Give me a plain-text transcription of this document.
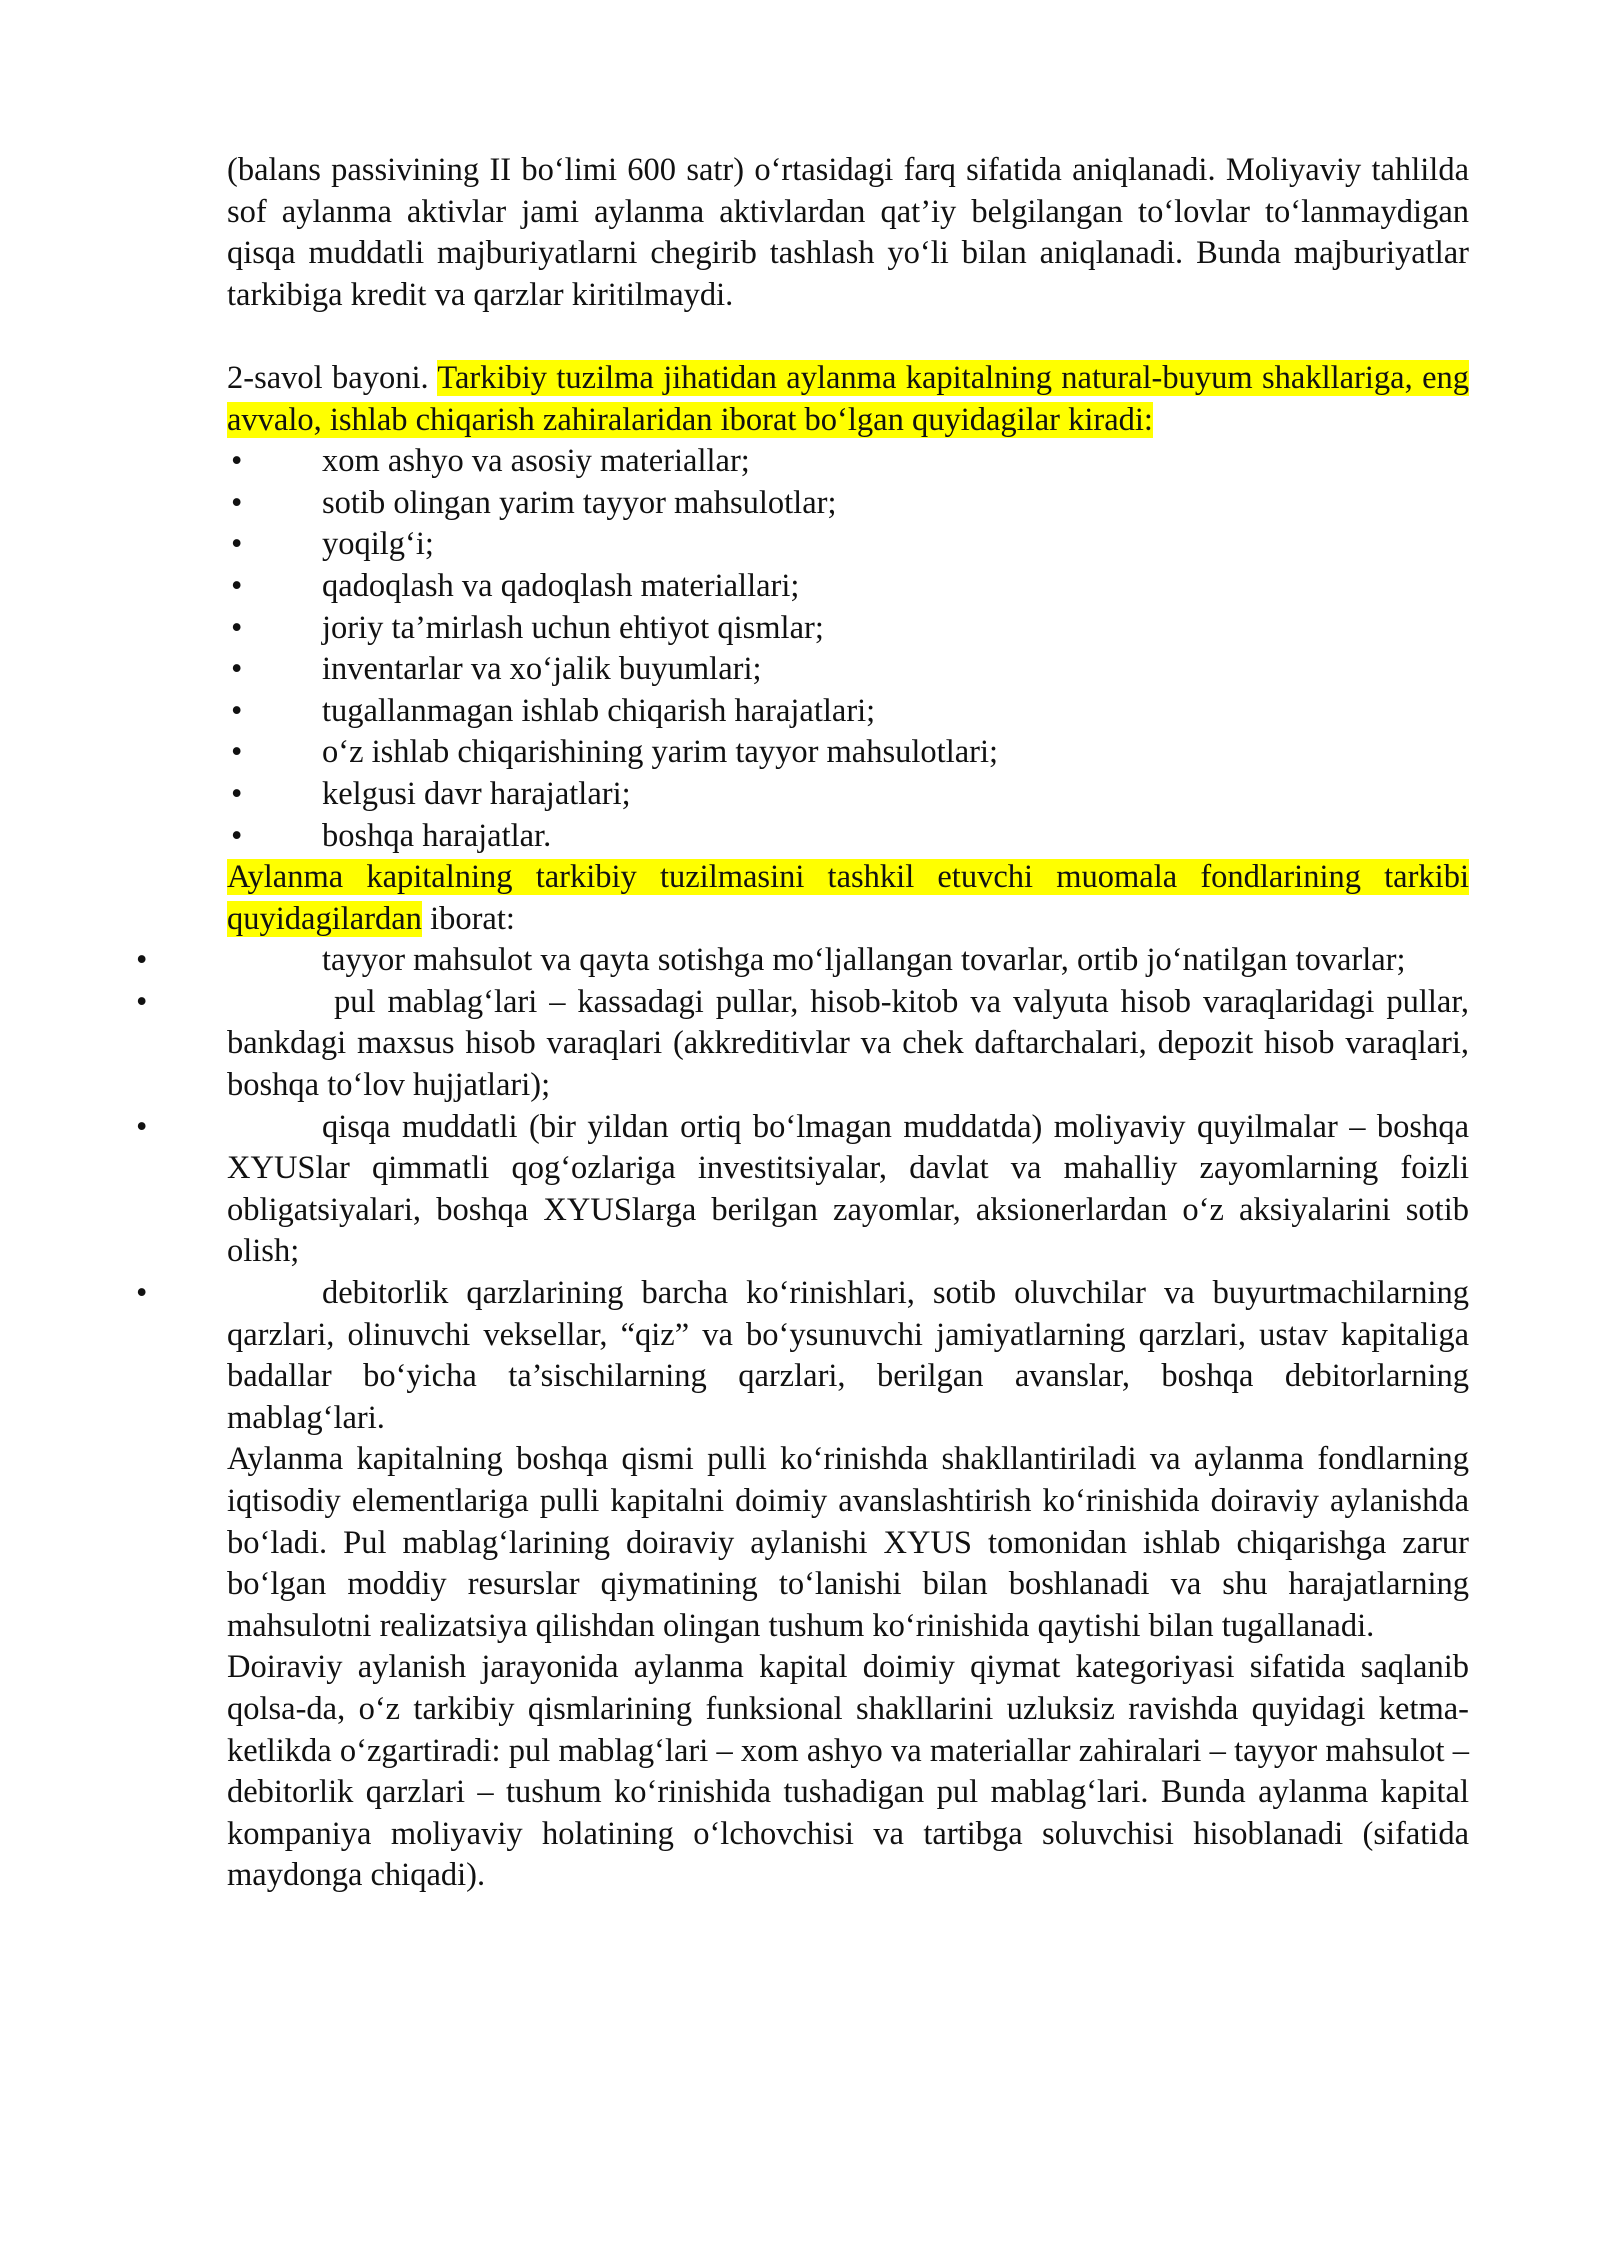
(balans passivining II bo‘limi 600 satr) o‘rtasidagi farq sifatida aniqlanadi. Moliyaviy tahlilda sof aylanma aktivlar jami aylanma aktivlardan qat’iy belgilangan to‘lovlar to‘lanmaydigan qisqa muddatli majburiyatlarni chegirib tashlash yo‘li bilan aniqlanadi. Bunda majburiyatlar tarkibiga kredit va qarzlar kiritilmaydi.

2-savol bayoni. Tarkibiy tuzilma jihatidan aylanma kapitalning natural-buyum shakllariga, eng avvalo, ishlab chiqarish zahiralaridan iborat bo‘lgan quyidagilar kiradi:

• xom ashyo va asosiy materiallar;
• sotib olingan yarim tayyor mahsulotlar;
• yoqilg‘i;
• qadoqlash va qadoqlash materiallari;
• joriy ta’mirlash uchun ehtiyot qismlar;
• inventarlar va xo‘jalik buyumlari;
• tugallanmagan ishlab chiqarish harajatlari;
• o‘z ishlab chiqarishining yarim tayyor mahsulotlari;
• kelgusi davr harajatlari;
• boshqa harajatlar.

Aylanma kapitalning tarkibiy tuzilmasini tashkil etuvchi muomala fondlarining tarkibi quyidagilardan iborat:

•	tayyor mahsulot va qayta sotishga mo‘ljallangan tovarlar, ortib jo‘natilgan tovarlar;
•	pul mablag‘lari – kassadagi pullar, hisob-kitob va valyuta hisob varaqlaridagi pullar, bankdagi maxsus hisob varaqlari (akkreditivlar va chek daftarchalari, depozit hisob varaqlari, boshqa to‘lov hujjatlari);
•	qisqa muddatli (bir yildan ortiq bo‘lmagan muddatda) moliyaviy quyilmalar – boshqa XYUSlar qimmatli qog‘ozlariga investitsiyalar, davlat va mahalliy zayomlarning foizli obligatsiyalari, boshqa XYUSlarga berilgan zayomlar, aksionerlardan o‘z aksiyalarini sotib olish;
•	debitorlik qarzlarining barcha ko‘rinishlari, sotib oluvchilar va buyurtmachilarning qarzlari, olinuvchi veksellar, “qiz” va bo‘ysunuvchi jamiyatlarning qarzlari, ustav kapitaliga badallar bo‘yicha ta’sischilarning qarzlari, berilgan avanslar, boshqa debitorlarning mablag‘lari.

Aylanma kapitalning boshqa qismi pulli ko‘rinishda shakllantiriladi va aylanma fondlarning iqtisodiy elementlariga pulli kapitalni doimiy avanslashtirish ko‘rinishida doiraviy aylanishda bo‘ladi. Pul mablag‘larining doiraviy aylanishi XYUS tomonidan ishlab chiqarishga zarur bo‘lgan moddiy resurslar qiymatining to‘lanishi bilan boshlanadi va shu harajatlarning mahsulotni realizatsiya qilishdan olingan tushum ko‘rinishida qaytishi bilan tugallanadi.

Doiraviy aylanish jarayonida aylanma kapital doimiy qiymat kategoriyasi sifatida saqlanib qolsa-da, o‘z tarkibiy qismlarining funksional shakllarini uzluksiz ravishda quyidagi ketma-ketlikda o‘zgartiradi: pul mablag‘lari – xom ashyo va materiallar zahiralari – tayyor mahsulot – debitorlik qarzlari – tushum ko‘rinishida tushadigan pul mablag‘lari. Bunda aylanma kapital kompaniya moliyaviy holatining o‘lchovchisi va tartibga soluvchisi hisoblanadi (sifatida maydonga chiqadi).
